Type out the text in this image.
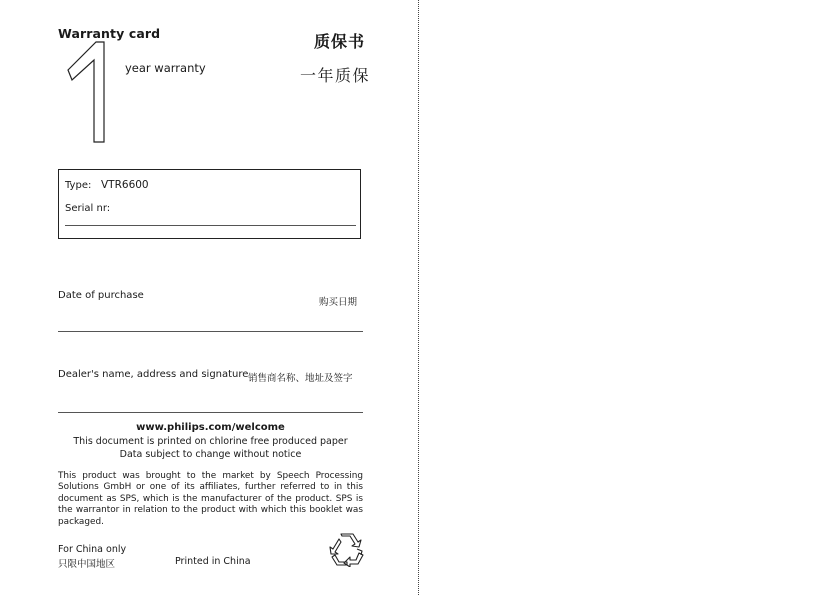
Warranty card	质保书
year warranty	一年质保
Type: VTR6600
Serial nr:
Date of purchase
购买日期
Dealer's name, address and signature 销售商名称、地址及签字
www.philips.com/welcome
This document is printed on chlorine free produced paper
Data subject to change without notice

This product was brought to the market by Speech Processing Solutions GmbH or one of its affiliates, further referred to in this document as SPS, which is the manufacturer of the product. SPS is the warrantor in relation to the product with which this booklet was packaged.

For China only
只限中国地区	Printed in China
